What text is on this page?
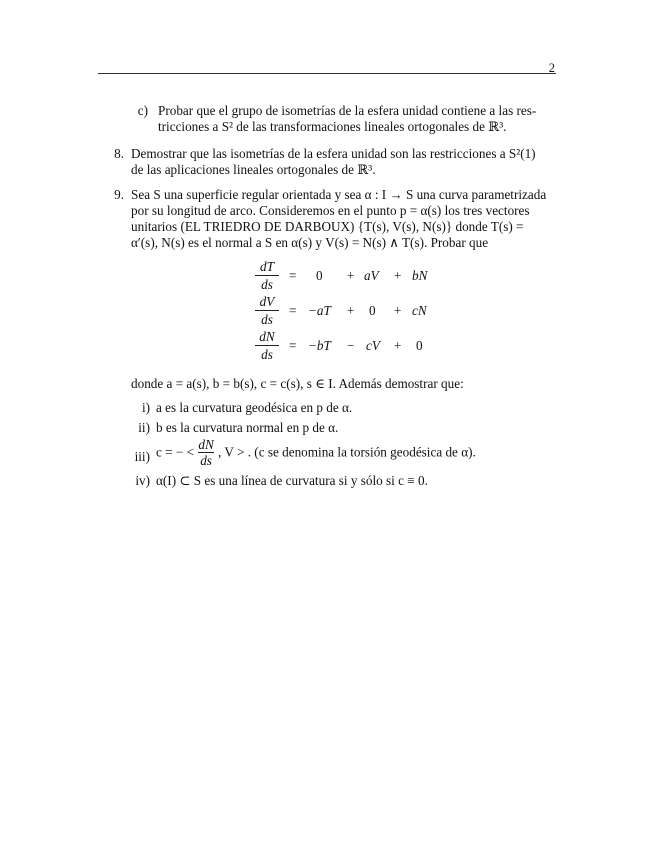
2
c) Probar que el grupo de isometrías de la esfera unidad contiene a las res-
tricciones a S² de las transformaciones lineales ortogonales de ℝ³.
8. Demostrar que las isometrías de la esfera unidad son las restricciones a S²(1)
de las aplicaciones lineales ortogonales de ℝ³.
9. Sea S una superficie regular orientada y sea α : I → S una curva parametrizada
por su longitud de arco. Consideremos en el punto p = α(s) los tres vectores
unitarios (EL TRIEDRO DE DARBOUX) {T(s), V(s), N(s)} donde T(s) =
α′(s), N(s) es el normal a S en α(s) y V(s) = N(s) ∧ T(s). Probar que
dT
ds
= 0 + aV + bN
dV
ds
= −aT + 0 + cN
dN
ds
= −bT − cV + 0
donde a = a(s), b = b(s), c = c(s), s ∈ I. Además demostrar que:
i) a es la curvatura geodésica en p de α.
ii) b es la curvatura normal en p de α.
iii) c = − < $\frac{dN}{ds}$ , V > . (c se denomina la torsión geodésica de α).
iv) α(I) ⊂ S es una línea de curvatura si y sólo si c ≡ 0.
